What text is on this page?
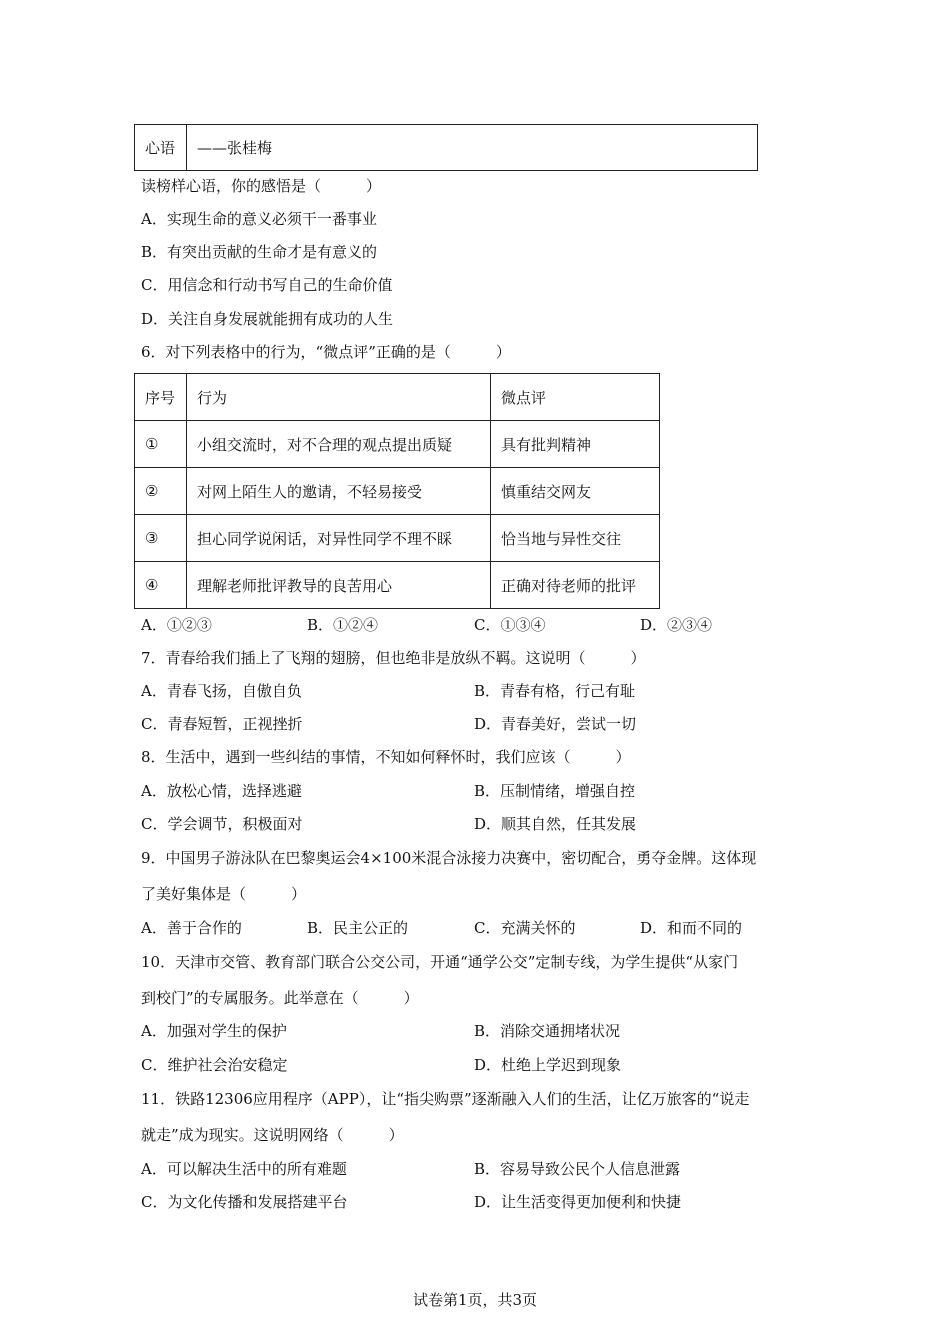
心语	——张桂梅
读榜样心语，你的感悟是（　　　）
A．实现生命的意义必须干一番事业
B．有突出贡献的生命才是有意义的
C．用信念和行动书写自己的生命价值
D．关注自身发展就能拥有成功的人生
6．对下列表格中的行为，“微点评”正确的是（　　　）
序号	行为	微点评
①	小组交流时，对不合理的观点提出质疑	具有批判精神
②	对网上陌生人的邀请，不轻易接受	慎重结交网友
③	担心同学说闲话，对异性同学不理不睬	恰当地与异性交往
④	理解老师批评教导的良苦用心	正确对待老师的批评
A．①②③	B．①②④	C．①③④	D．②③④
7．青春给我们插上了飞翔的翅膀，但也绝非是放纵不羁。这说明（　　　）
A．青春飞扬，自傲自负	B．青春有格，行己有耻
C．青春短暂，正视挫折	D．青春美好，尝试一切
8．生活中，遇到一些纠结的事情，不知如何释怀时，我们应该（　　　）
A．放松心情，选择逃避	B．压制情绪，增强自控
C．学会调节，积极面对	D．顺其自然，任其发展
9．中国男子游泳队在巴黎奥运会4×100米混合泳接力决赛中，密切配合，勇夺金牌。这体现
了美好集体是（　　　）
A．善于合作的	B．民主公正的	C．充满关怀的	D．和而不同的
10．天津市交管、教育部门联合公交公司，开通“通学公交”定制专线，为学生提供“从家门
到校门”的专属服务。此举意在（　　　）
A．加强对学生的保护	B．消除交通拥堵状况
C．维护社会治安稳定	D．杜绝上学迟到现象
11．铁路12306应用程序（APP），让“指尖购票”逐渐融入人们的生活，让亿万旅客的“说走
就走”成为现实。这说明网络（　　　）
A．可以解决生活中的所有难题	B．容易导致公民个人信息泄露
C．为文化传播和发展搭建平台	D．让生活变得更加便利和快捷
试卷第1页，共3页
